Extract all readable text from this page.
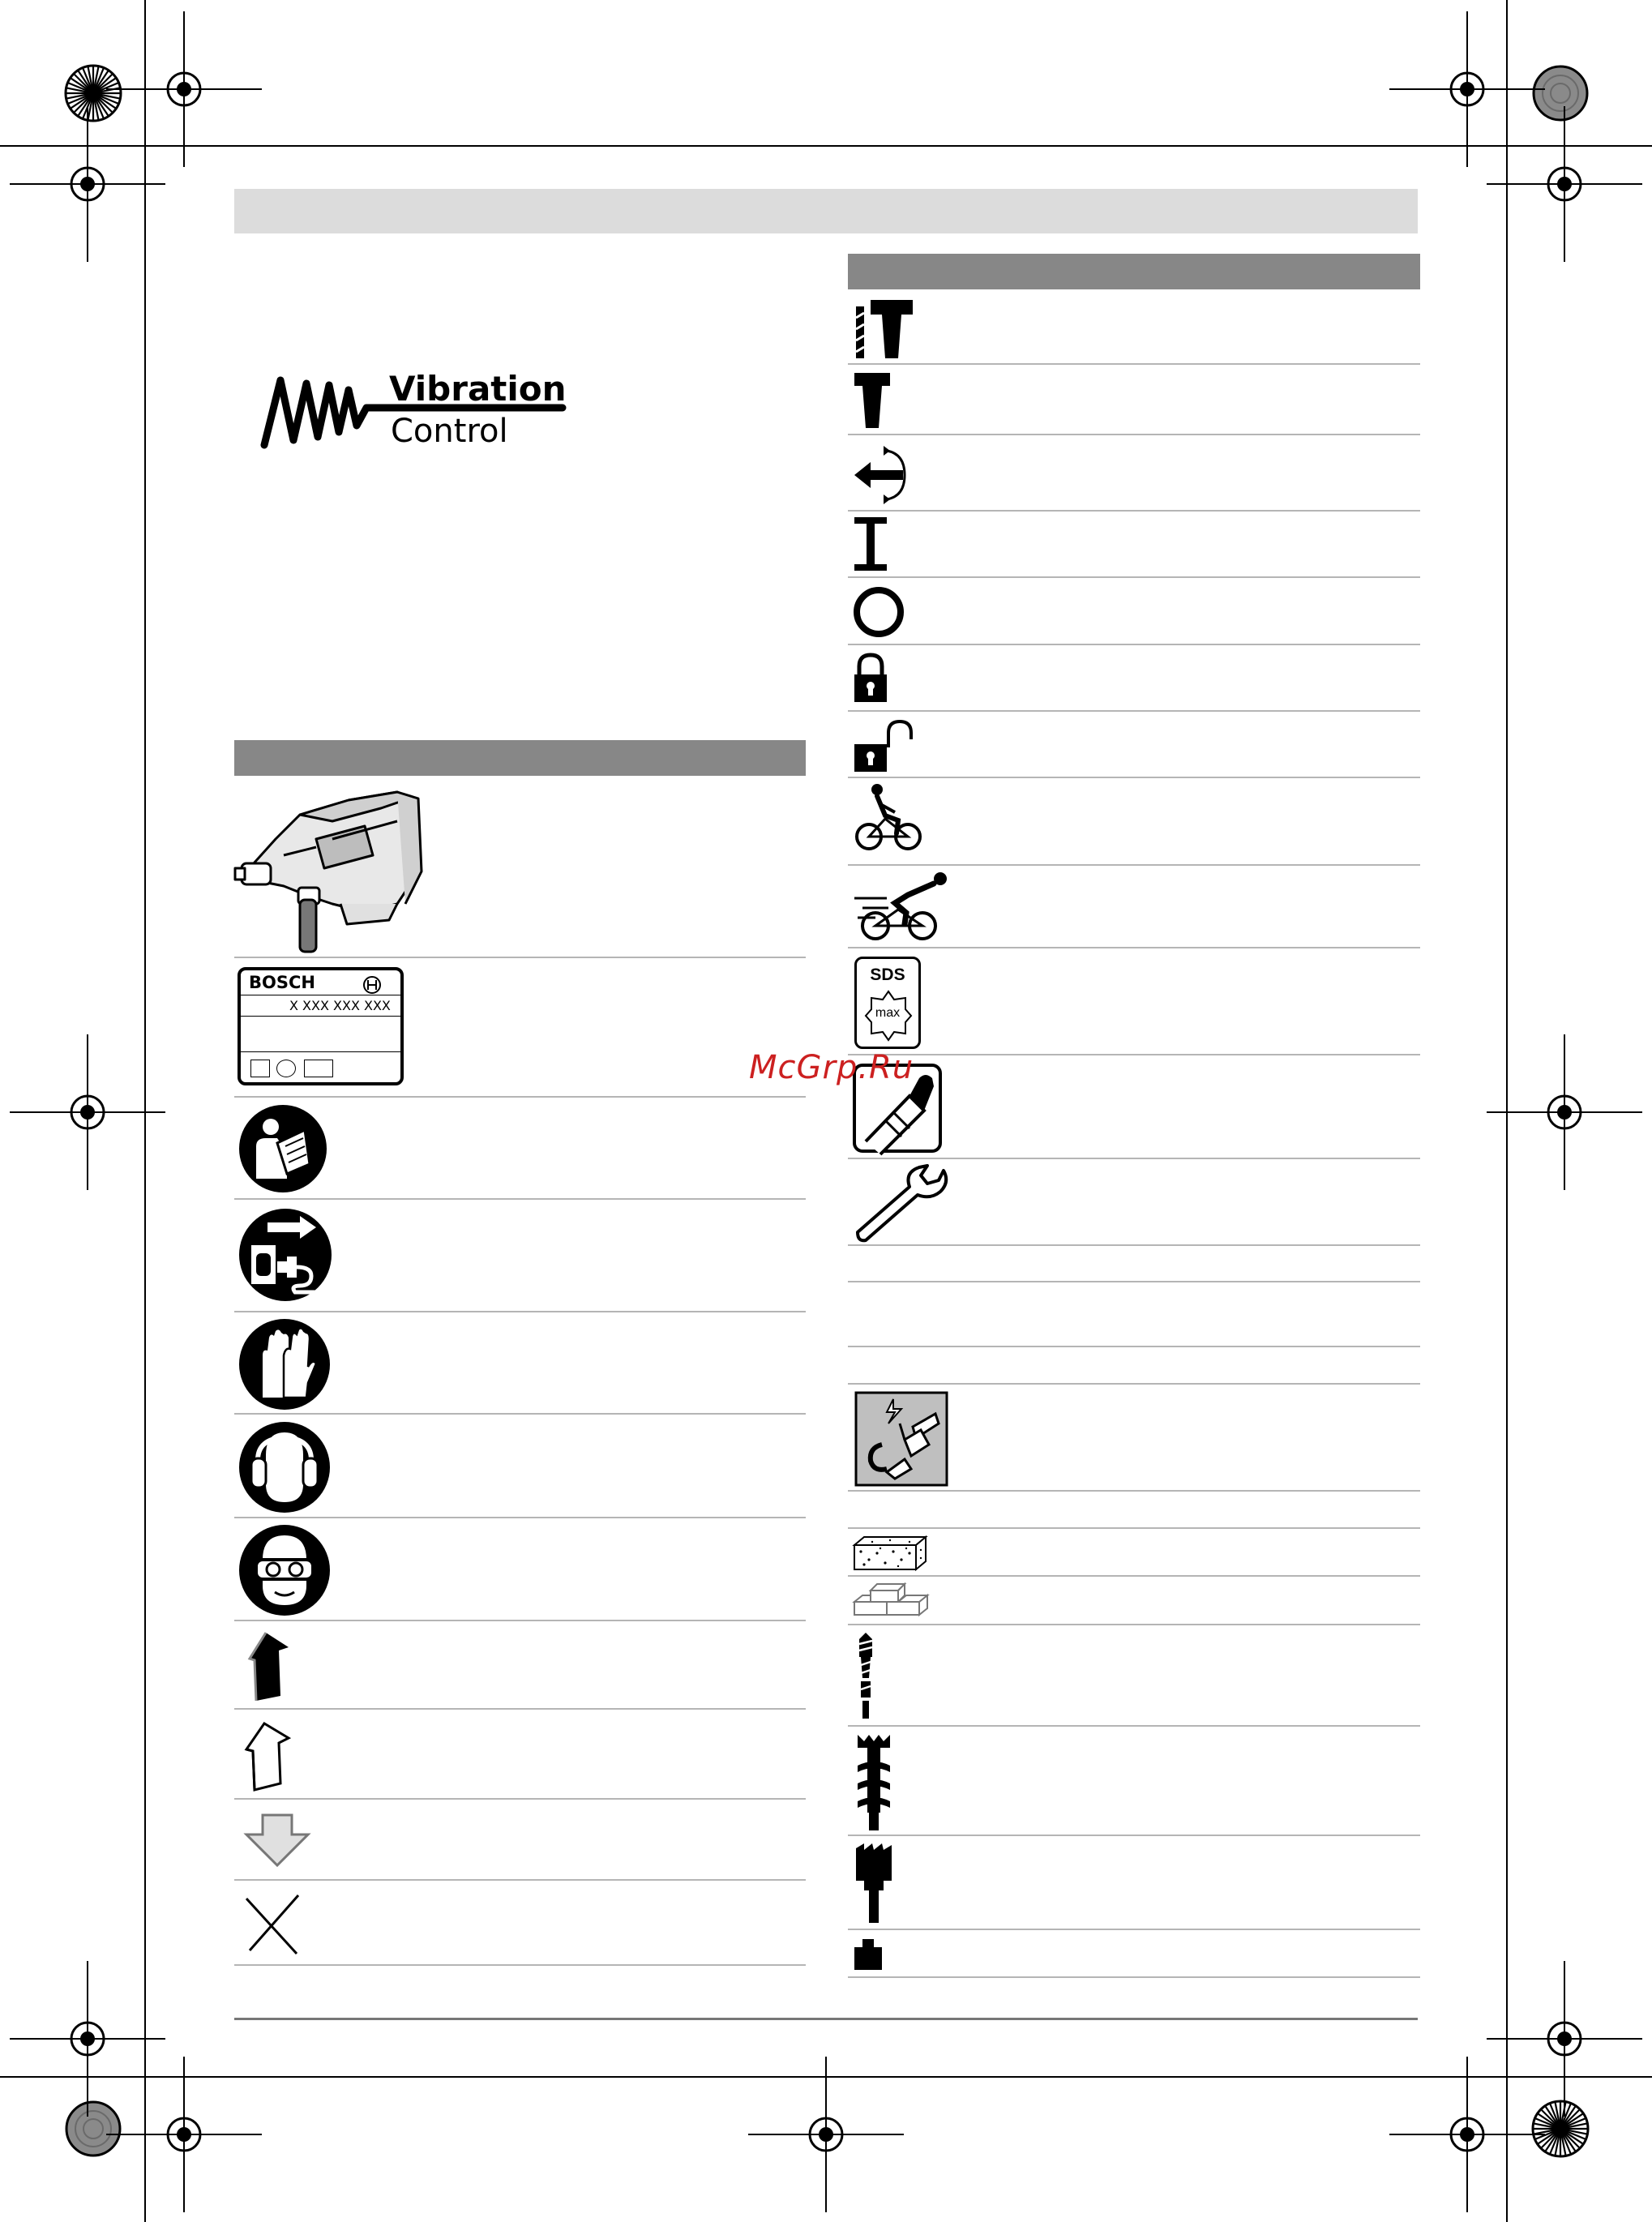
Vibration
Control
BOSCH
X XXX XXX XXX
SDS
max
McGrp.Ru
